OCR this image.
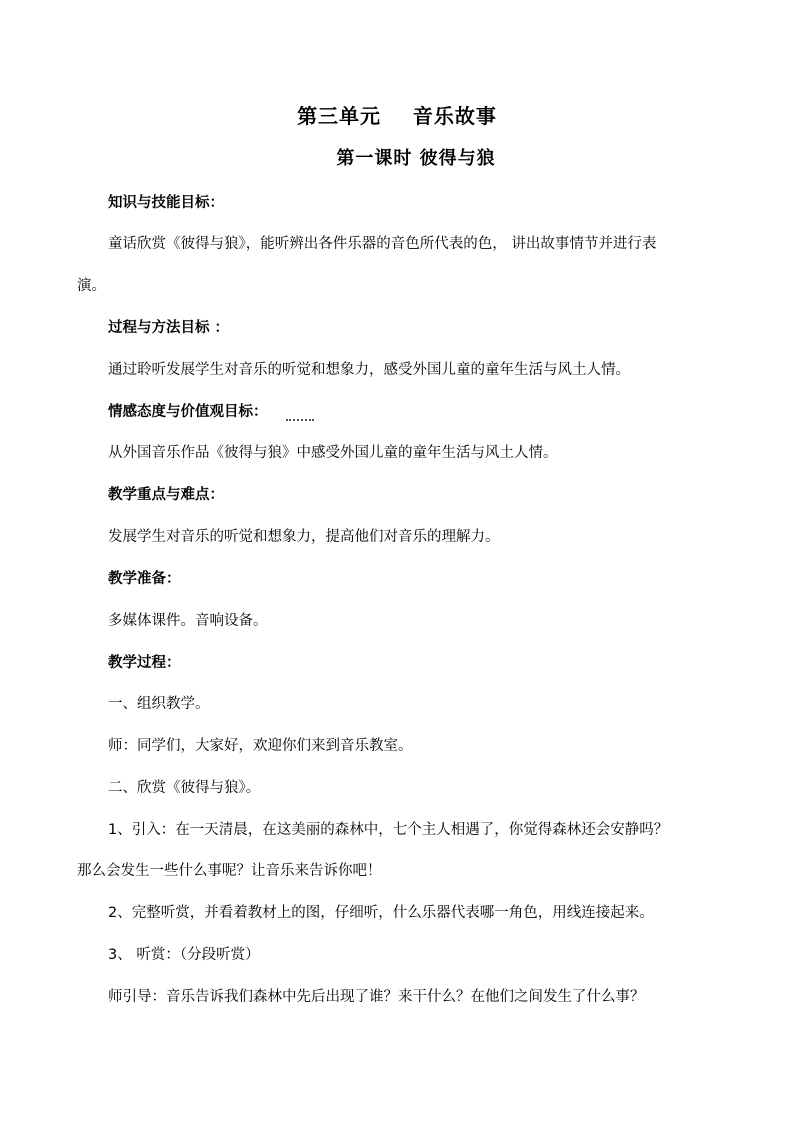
第三单元    音乐故事
第一课时 彼得与狼
知识与技能目标：
童话欣赏《彼得与狼》，能听辨出各件乐器的音色所代表的色， 讲出故事情节并进行表
演。
过程与方法目标 ：
通过聆听发展学生对音乐的听觉和想象力，感受外国儿童的童年生活与风土人情。
情感态度与价值观目标：
从外国音乐作品《彼得与狼》中感受外国儿童的童年生活与风土人情。
教学重点与难点：
发展学生对音乐的听觉和想象力，提高他们对音乐的理解力。
教学准备：
多媒体课件。音响设备。
教学过程：
一、组织教学。
师：同学们，大家好，欢迎你们来到音乐教室。
二、欣赏《彼得与狼》。
1、引入：在一天清晨，在这美丽的森林中，七个主人相遇了，你觉得森林还会安静吗？
那么会发生一些什么事呢？让音乐来告诉你吧！
2、完整听赏，并看着教材上的图，仔细听，什么乐器代表哪一角色，用线连接起来。
3、 听赏：（分段听赏）
师引导：音乐告诉我们森林中先后出现了谁？来干什么？在他们之间发生了什么事？
